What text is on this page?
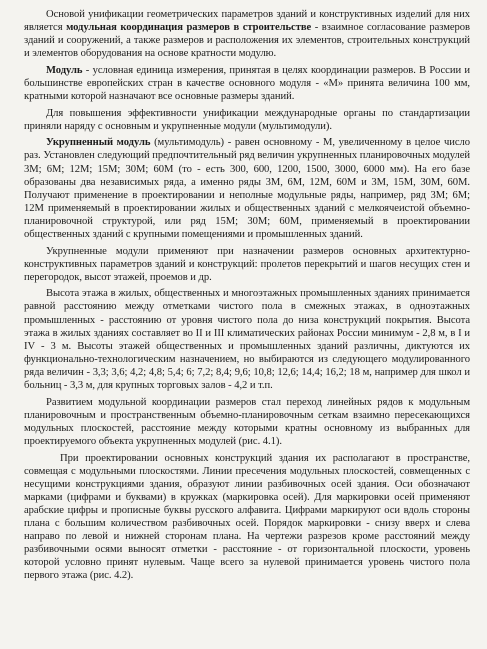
Основой унификации геометрических параметров зданий и конструктивных изделий для них является модульная координация размеров в строительстве - взаимное согласование размеров зданий и сооружений, а также размеров и расположения их элементов, строительных конструкций и элементов оборудования на основе кратности модулю.

Модуль - условная единица измерения, принятая в целях координации размеров. В России и большинстве европейских стран в качестве основного модуля - «М» принята величина 100 мм, кратными которой назначают все основные размеры зданий.

Для повышения эффективности унификации международные органы по стандартизации приняли наряду с основным и укрупненные модули (мультимодули).

Укрупненный модуль (мультимодуль) - равен основному - М, увеличенному в целое число раз. Установлен следующий предпочтительный ряд величин укрупненных планировочных модулей 3М; 6М; 12М; 15М; 30М; 60М (то - есть 300, 600, 1200, 1500, 3000, 6000 мм). На его базе образованы два независимых ряда, а именно ряды 3М, 6М, 12М, 60М и 3М, 15М, 30М, 60М. Получают применение в проектировании и неполные модульные ряды, например, ряд 3М; 6М; 12М применяемый в проектировании жилых и общественных зданий с мелкоячеистой объемно-планировочной структурой, или ряд 15М; 30М; 60М, применяемый в проектировании общественных зданий с крупными помещениями и промышленных зданий.

Укрупненные модули применяют при назначении размеров основных архитектурно-конструктивных параметров зданий и конструкций: пролетов перекрытий и шагов несущих стен и перегородок, высот этажей, проемов и др.

Высота этажа в жилых, общественных и многоэтажных промышленных зданиях принимается равной расстоянию между отметками чистого пола в смежных этажах, в одноэтажных промышленных - расстоянию от уровня чистого пола до низа конструкций покрытия. Высота этажа в жилых зданиях составляет во II и III климатических районах России минимум - 2,8 м, в I и IV - 3 м. Высоты этажей общественных и промышленных зданий различны, диктуются их функционально-технологическим назначением, но выбираются из следующего модулированного ряда величин - 3,3; 3,6; 4,2; 4,8; 5,4; 6; 7,2; 8,4; 9,6; 10,8; 12,6; 14,4; 16,2; 18 м, например для школ и больниц - 3,3 м, для крупных торговых залов - 4,2 и т.п.

Развитием модульной координации размеров стал переход линейных рядов к модульным планировочным и пространственным объемно-планировочным сеткам взаимно пересекающихся модульных плоскостей, расстояние между которыми кратны основному из выбранных для проектируемого объекта укрупненных модулей (рис. 4.1).

При проектировании основных конструкций здания их располагают в пространстве, совмещая с модульными плоскостями. Линии пресечения модульных плоскостей, совмещенных с несущими конструкциями здания, образуют линии разбивочных осей здания. Оси обозначают марками (цифрами и буквами) в кружках (маркировка осей). Для маркировки осей применяют арабские цифры и прописные буквы русского алфавита. Цифрами маркируют оси вдоль стороны плана с большим количеством разбивочных осей. Порядок маркировки - снизу вверх и слева направо по левой и нижней сторонам плана. На чертежи разрезов кроме расстояний между разбивочными осями выносят отметки - расстояние - от горизонтальной плоскости, уровень которой условно принят нулевым. Чаще всего за нулевой принимается уровень чистого пола первого этажа (рис. 4.2).
